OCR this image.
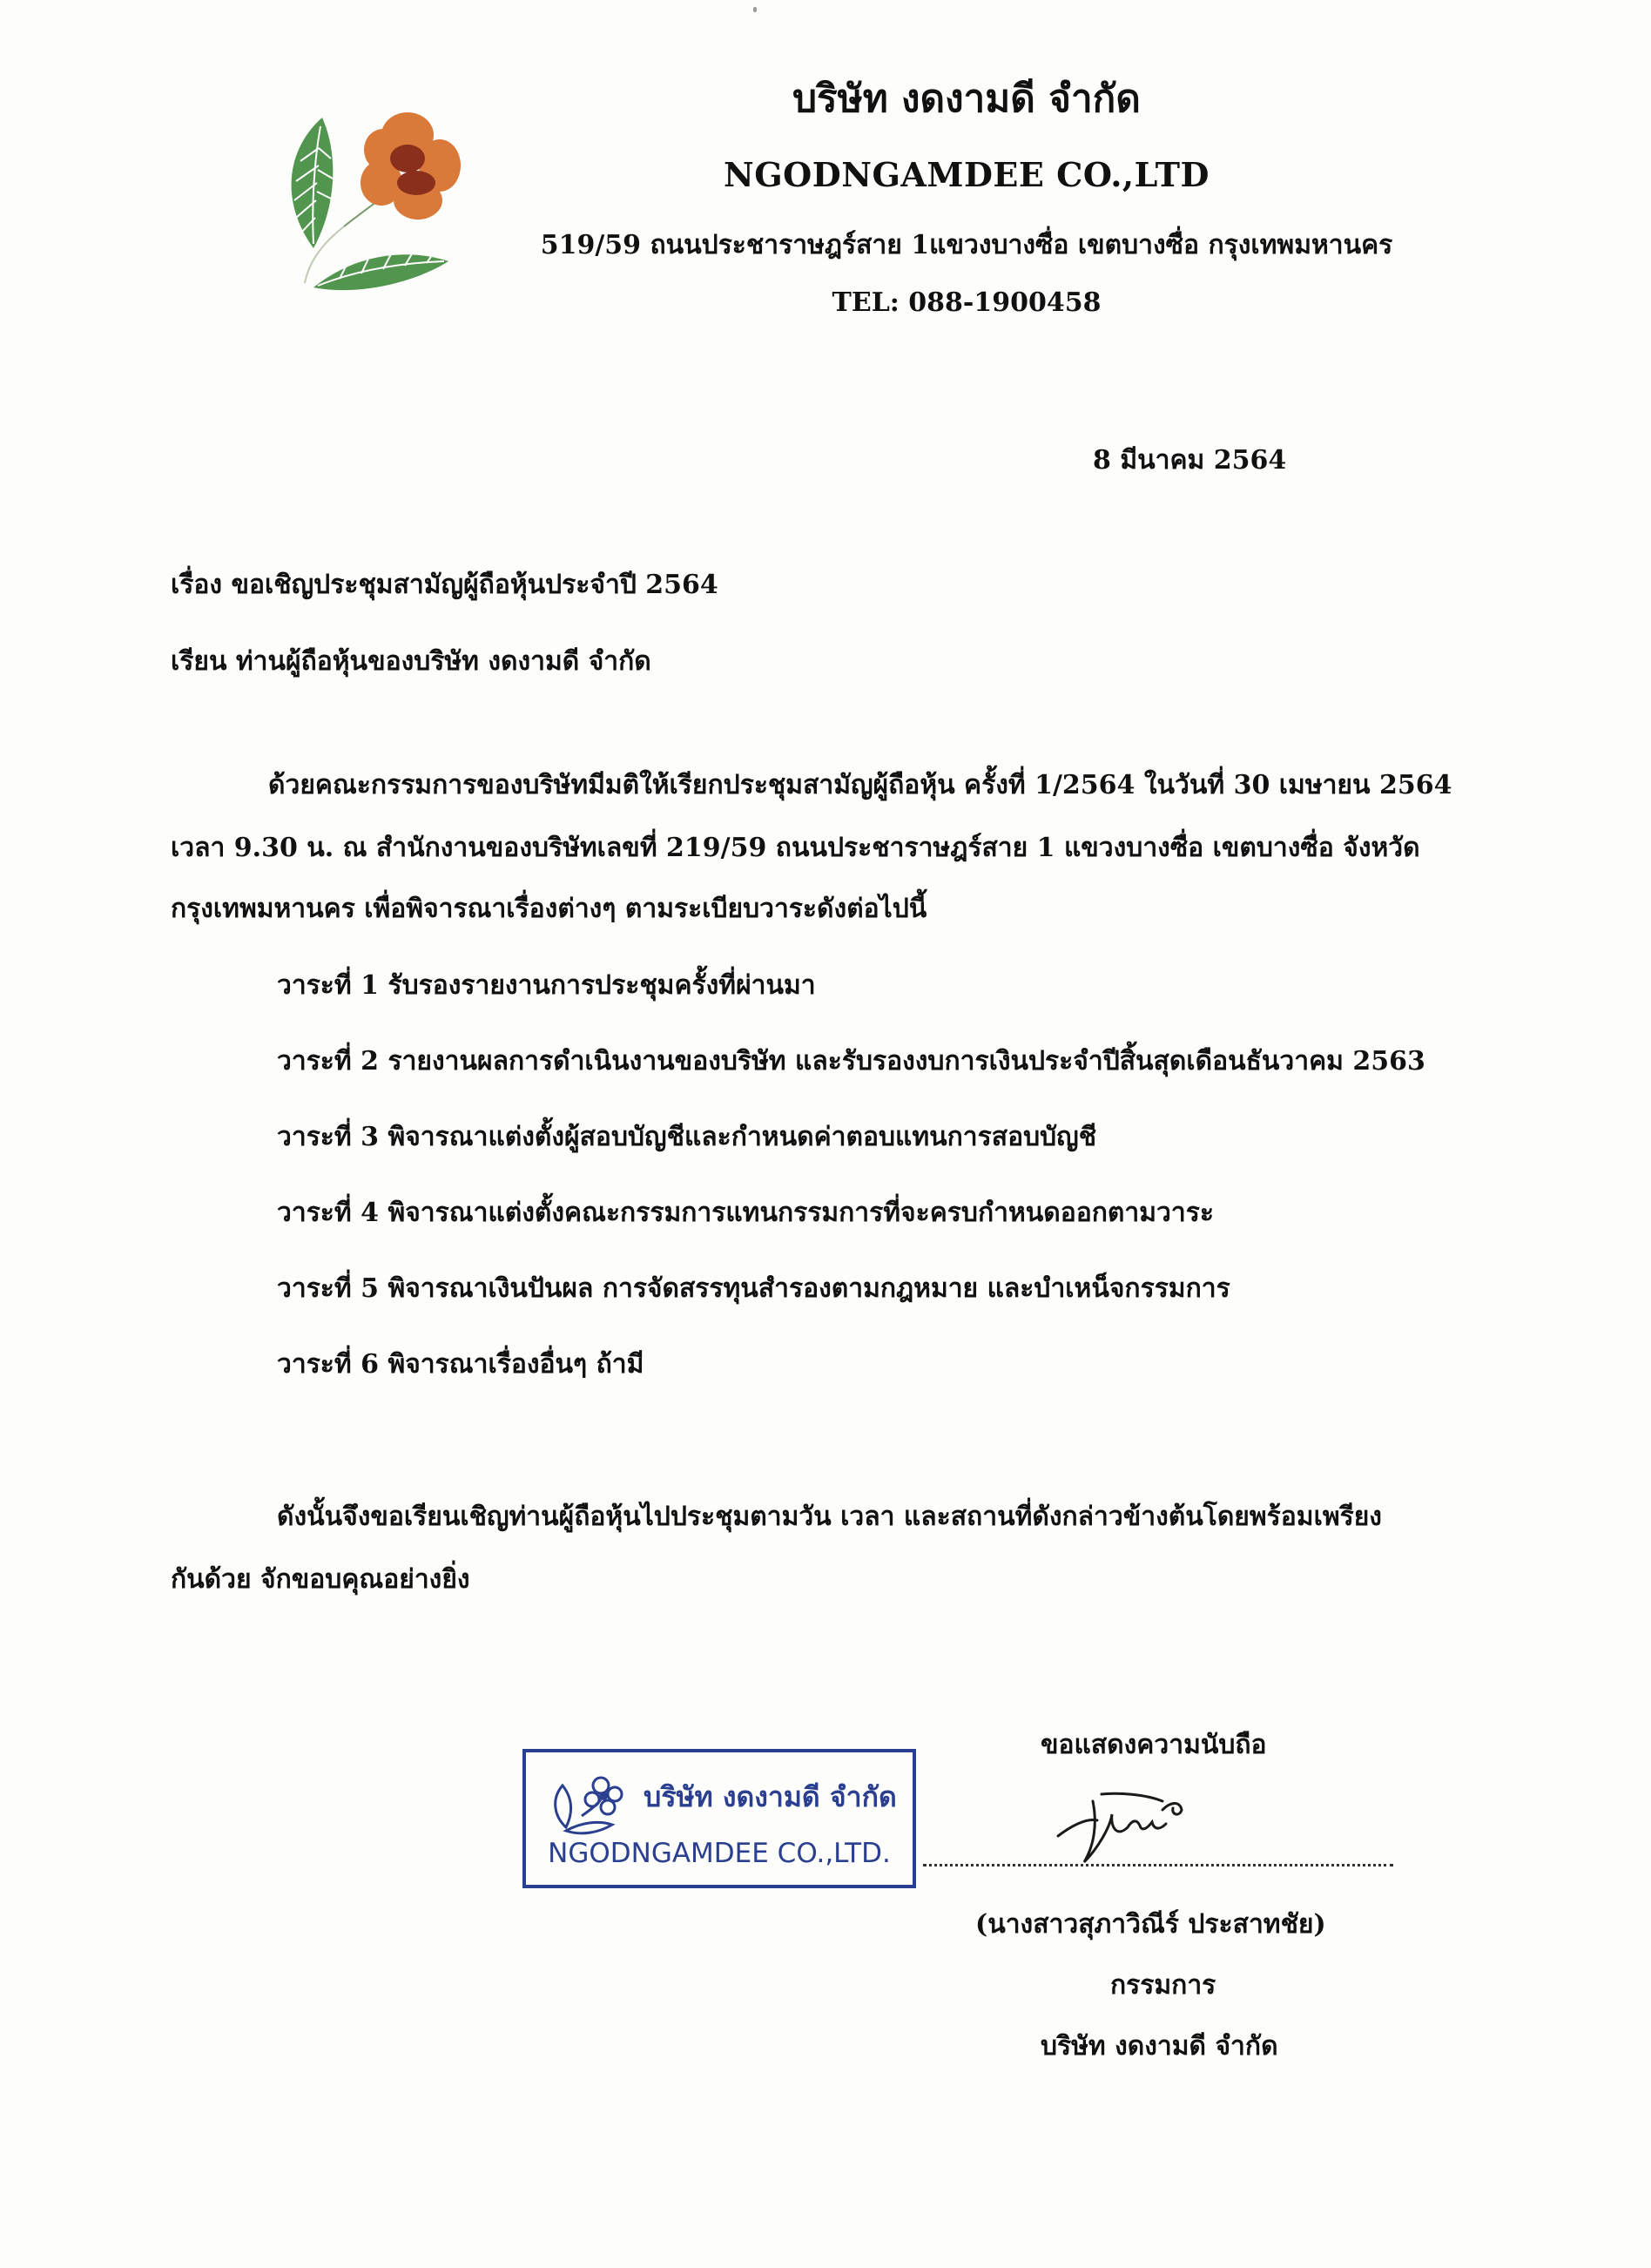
บริษัท งดงามดี จำกัด
NGODNGAMDEE CO.,LTD
519/59 ถนนประชาราษฎร์สาย 1แขวงบางซื่อ เขตบางซื่อ กรุงเทพมหานคร
TEL: 088-1900458
8 มีนาคม 2564
เรื่อง ขอเชิญประชุมสามัญผู้ถือหุ้นประจำปี 2564
เรียน ท่านผู้ถือหุ้นของบริษัท งดงามดี จำกัด
ด้วยคณะกรรมการของบริษัทมีมติให้เรียกประชุมสามัญผู้ถือหุ้น ครั้งที่ 1/2564 ในวันที่ 30 เมษายน 2564
เวลา 9.30 น. ณ สำนักงานของบริษัทเลขที่ 219/59 ถนนประชาราษฎร์สาย 1 แขวงบางซื่อ เขตบางซื่อ จังหวัด
กรุงเทพมหานคร เพื่อพิจารณาเรื่องต่างๆ ตามระเบียบวาระดังต่อไปนี้
วาระที่ 1 รับรองรายงานการประชุมครั้งที่ผ่านมา
วาระที่ 2 รายงานผลการดำเนินงานของบริษัท และรับรองงบการเงินประจำปีสิ้นสุดเดือนธันวาคม 2563
วาระที่ 3 พิจารณาแต่งตั้งผู้สอบบัญชีและกำหนดค่าตอบแทนการสอบบัญชี
วาระที่ 4 พิจารณาแต่งตั้งคณะกรรมการแทนกรรมการที่จะครบกำหนดออกตามวาระ
วาระที่ 5 พิจารณาเงินปันผล การจัดสรรทุนสำรองตามกฎหมาย และบำเหน็จกรรมการ
วาระที่ 6 พิจารณาเรื่องอื่นๆ ถ้ามี
ดังนั้นจึงขอเรียนเชิญท่านผู้ถือหุ้นไปประชุมตามวัน เวลา และสถานที่ดังกล่าวข้างต้นโดยพร้อมเพรียง
กันด้วย จักขอบคุณอย่างยิ่ง
ขอแสดงความนับถือ
บริษัท งดงามดี จำกัด
NGODNGAMDEE CO.,LTD.
(นางสาวสุภาวิณีร์ ประสาทชัย)
กรรมการ
บริษัท งดงามดี จำกัด
